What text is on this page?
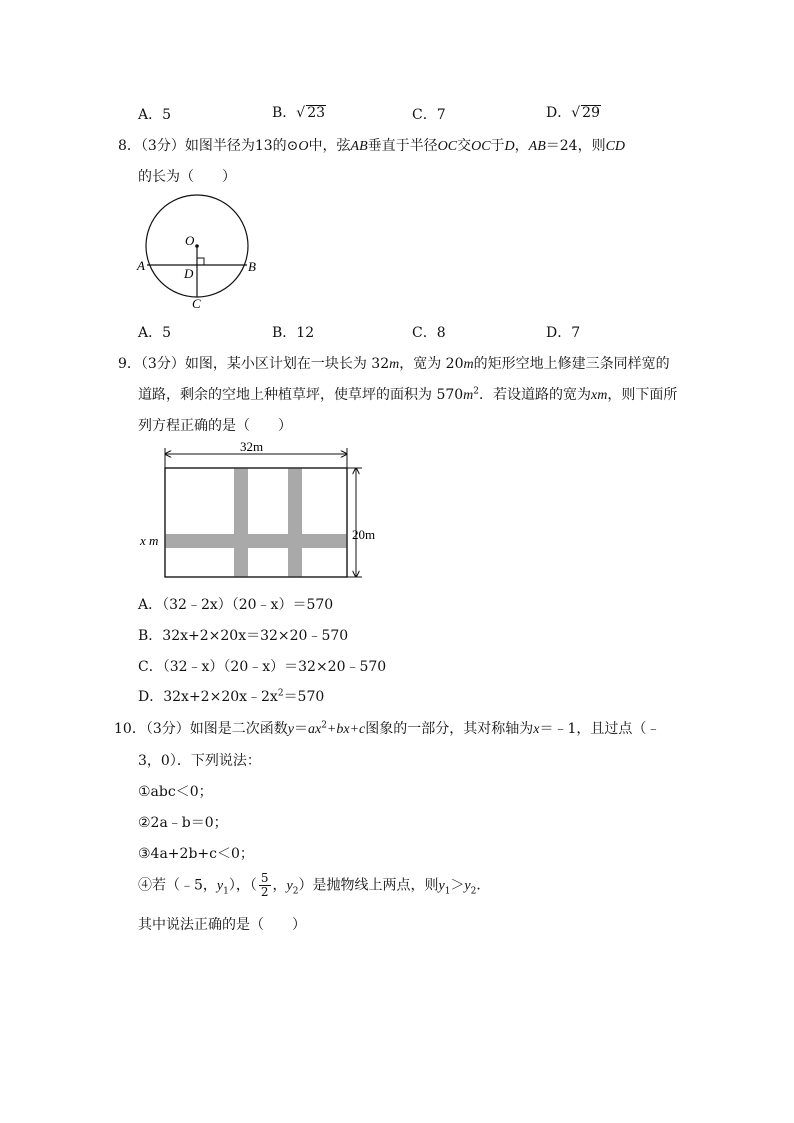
A．5	B．√ 23	C．7	D．√ 29
8．（3分）如图半径为13的⊙O中，弦AB垂直于半径OC交OC于D，AB＝24，则CD
的长为（　　）
O
A	B
D
C
A．5	B．12	C．8	D．7
9．（3分）如图，某小区计划在一块长为 32m，宽为 20m的矩形空地上修建三条同样宽的
道路，剩余的空地上种植草坪，使草坪的面积为 $570m^2$．若设道路的宽为xm，则下面所
列方程正确的是（　　）
32m
20m
x m
A．（32﹣2x）（20﹣x）＝570
B．32x+2×20x＝32×20﹣570
C．（32﹣x）（20﹣x）＝32×20﹣570
D．$32x+2\times 20x﹣2x^2=570$
10．（3分）如图是二次函数$y=ax^2+bx+c$图象的一部分，其对称轴为x＝﹣1，且过点（﹣
3，0）．下列说法：
①abc＜0；
②2a﹣b＝0；
③4a+2b+c＜0；
④若（﹣5，$y_1$），（ $\frac{5}{2}$ ，$y_2$）是抛物线上两点，则$y_1>y_2$．
其中说法正确的是（　　）
